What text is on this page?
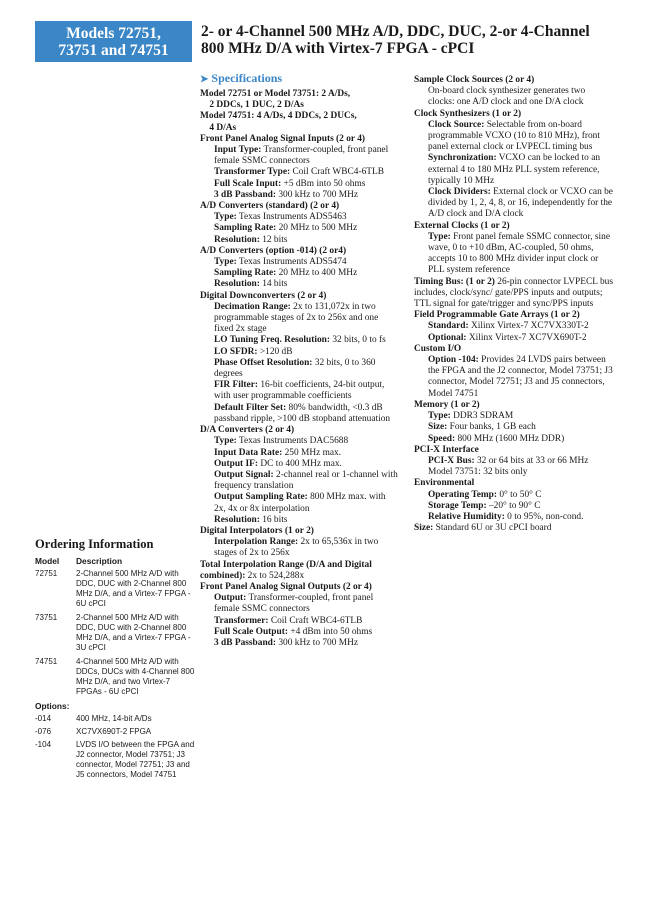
Models 72751,
73751 and 74751
2- or 4-Channel 500 MHz A/D, DDC, DUC, 2-or 4-Channel
800 MHz D/A with Virtex-7 FPGA - cPCI
➤ Specifications
Model 72751 or Model 73751: 2 A/Ds,
2 DDCs, 1 DUC, 2 D/As
Model 74751: 4 A/Ds, 4 DDCs, 2 DUCs,
4 D/As
Front Panel Analog Signal Inputs (2 or 4)
Input Type: Transformer-coupled, front panel female SSMC connectors
Transformer Type: Coil Craft WBC4-6TLB
Full Scale Input: +5 dBm into 50 ohms
3 dB Passband: 300 kHz to 700 MHz
A/D Converters (standard) (2 or 4)
Type: Texas Instruments ADS5463
Sampling Rate: 20 MHz to 500 MHz
Resolution: 12 bits
A/D Converters (option -014) (2 or4)
Type: Texas Instruments ADS5474
Sampling Rate: 20 MHz to 400 MHz
Resolution: 14 bits
Digital Downconverters (2 or 4)
Decimation Range: 2x to 131,072x in two programmable stages of 2x to 256x and one fixed 2x stage
LO Tuning Freq. Resolution: 32 bits, 0 to fs
LO SFDR: >120 dB
Phase Offset Resolution: 32 bits, 0 to 360 degrees
FIR Filter: 16-bit coefficients, 24-bit output, with user programmable coefficients
Default Filter Set: 80% bandwidth, <0.3 dB passband ripple, >100 dB stopband attenuation
D/A Converters (2 or 4)
Type: Texas Instruments DAC5688
Input Data Rate: 250 MHz max.
Output IF: DC to 400 MHz max.
Output Signal: 2-channel real or 1-channel with frequency translation
Output Sampling Rate: 800 MHz max. with 2x, 4x or 8x interpolation
Resolution: 16 bits
Digital Interpolators (1 or 2)
Interpolation Range: 2x to 65,536x in two stages of 2x to 256x
Total Interpolation Range (D/A and Digital combined): 2x to 524,288x
Front Panel Analog Signal Outputs (2 or 4)
Output: Transformer-coupled, front panel female SSMC connectors
Transformer: Coil Craft WBC4-6TLB
Full Scale Output: +4 dBm into 50 ohms
3 dB Passband: 300 kHz to 700 MHz
Sample Clock Sources (2 or 4)
On-board clock synthesizer generates two clocks: one A/D clock and one D/A clock
Clock Synthesizers (1 or 2)
Clock Source: Selectable from on-board programmable VCXO (10 to 810 MHz), front panel external clock or LVPECL timing bus
Synchronization: VCXO can be locked to an external 4 to 180 MHz PLL system reference, typically 10 MHz
Clock Dividers: External clock or VCXO can be divided by 1, 2, 4, 8, or 16, independently for the A/D clock and D/A clock
External Clocks (1 or 2)
Type: Front panel female SSMC connector, sine wave, 0 to +10 dBm, AC-coupled, 50 ohms, accepts 10 to 800 MHz divider input clock or PLL system reference
Timing Bus: (1 or 2) 26-pin connector LVPECL bus includes, clock/sync/ gate/PPS inputs and outputs; TTL signal for gate/trigger and sync/PPS inputs
Field Programmable Gate Arrays (1 or 2)
Standard: Xilinx Virtex-7 XC7VX330T-2
Optional: Xilinx Virtex-7 XC7VX690T-2
Custom I/O
Option -104: Provides 24 LVDS pairs between the FPGA and the J2 connector, Model 73751; J3 connector, Model 72751; J3 and J5 connectors, Model 74751
Memory (1 or 2)
Type: DDR3 SDRAM
Size: Four banks, 1 GB each
Speed: 800 MHz (1600 MHz DDR)
PCI-X Interface
PCI-X Bus: 32 or 64 bits at 33 or 66 MHz Model 73751: 32 bits only
Environmental
Operating Temp: 0° to 50° C
Storage Temp: –20° to 90° C
Relative Humidity: 0 to 95%, non-cond.
Size: Standard 6U or 3U cPCI board
Ordering Information
Model	Description
72751	2-Channel 500 MHz A/D with DDC, DUC with 2-Channel 800 MHz D/A, and a Virtex-7 FPGA - 6U cPCI
73751	2-Channel 500 MHz A/D with DDC, DUC with 2-Channel 800 MHz D/A, and a Virtex-7 FPGA - 3U cPCI
74751	4-Channel 500 MHz A/D with DDCs, DUCs with 4-Channel 800 MHz D/A, and two Virtex-7 FPGAs - 6U cPCI
Options:
-014	400 MHz, 14-bit A/Ds
-076	XC7VX690T-2 FPGA
-104	LVDS I/O between the FPGA and J2 connector, Model 73751; J3 connector, Model 72751; J3 and J5 connectors, Model 74751
